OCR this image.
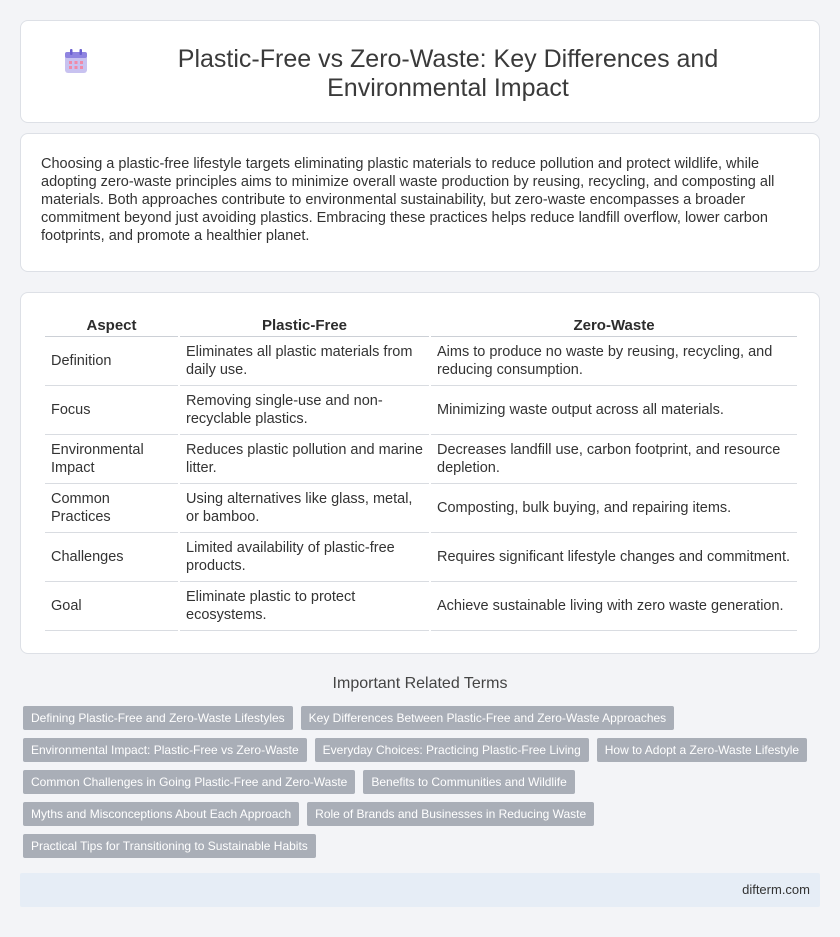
Plastic-Free vs Zero-Waste: Key Differences and Environmental Impact

Choosing a plastic-free lifestyle targets eliminating plastic materials to reduce pollution and protect wildlife, while adopting zero-waste principles aims to minimize overall waste production by reusing, recycling, and composting all materials. Both approaches contribute to environmental sustainability, but zero-waste encompasses a broader commitment beyond just avoiding plastics. Embracing these practices helps reduce landfill overflow, lower carbon footprints, and promote a healthier planet.

Aspect	Plastic-Free	Zero-Waste
Definition	Eliminates all plastic materials from daily use.	Aims to produce no waste by reusing, recycling, and reducing consumption.
Focus	Removing single-use and non-recyclable plastics.	Minimizing waste output across all materials.
Environmental Impact	Reduces plastic pollution and marine litter.	Decreases landfill use, carbon footprint, and resource depletion.
Common Practices	Using alternatives like glass, metal, or bamboo.	Composting, bulk buying, and repairing items.
Challenges	Limited availability of plastic-free products.	Requires significant lifestyle changes and commitment.
Goal	Eliminate plastic to protect ecosystems.	Achieve sustainable living with zero waste generation.
Important Related Terms
Defining Plastic-Free and Zero-Waste Lifestyles	Key Differences Between Plastic-Free and Zero-Waste Approaches
Environmental Impact: Plastic-Free vs Zero-Waste	Everyday Choices: Practicing Plastic-Free Living	How to Adopt a Zero-Waste Lifestyle
Common Challenges in Going Plastic-Free and Zero-Waste	Benefits to Communities and Wildlife
Myths and Misconceptions About Each Approach	Role of Brands and Businesses in Reducing Waste
Practical Tips for Transitioning to Sustainable Habits
difterm.com
